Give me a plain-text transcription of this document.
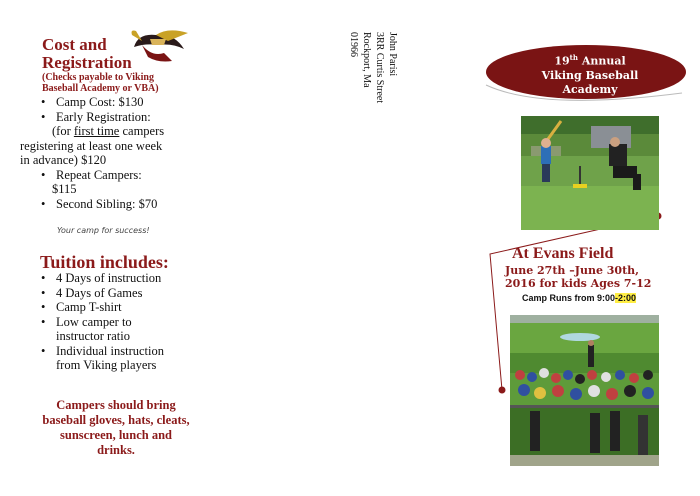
Cost and
Registration
(Checks payable to Viking Baseball Academy or VBA)
• Camp Cost: $130
• Early Registration:
(for first time campers
registering at least one week
in advance) $120
• Repeat Campers:
$115
• Second Sibling: $70
Your camp for success!
Tuition includes:
• 4 Days of instruction
• 4 Days of Games
• Camp T-shirt
• Low camper to instructor ratio
• Individual instruction from Viking players
Campers should bring baseball gloves, hats, cleats, sunscreen, lunch and drinks.
John Parisi
3RR Curtis Street
Rockport, Ma
01966
19th Annual
Viking Baseball
Academy
At Evans Field
June 27th –June 30th,
2016 for kids Ages 7-12
Camp Runs from 9:00-2:00
